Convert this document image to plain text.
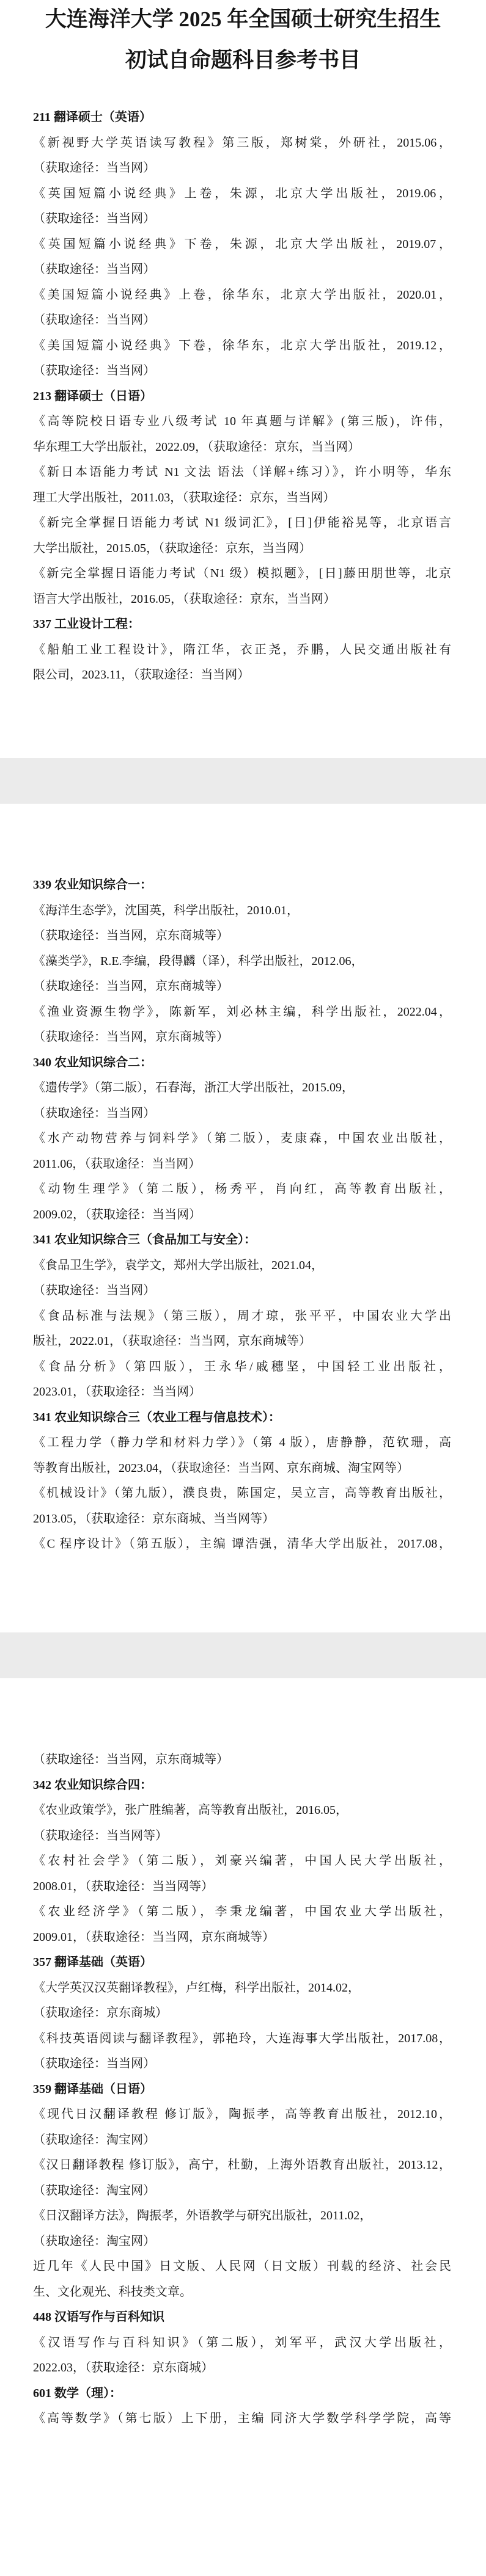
大连海洋大学 2025 年全国硕士研究生招生
初试自命题科目参考书目
211 翻译硕士（英语）
《新视野大学英语读写教程》第三版，郑树棠，外研社，2015.06，
（获取途径：当当网）
《英国短篇小说经典》上卷，朱源，北京大学出版社，2019.06，
（获取途径：当当网）
《英国短篇小说经典》下卷，朱源，北京大学出版社，2019.07，
（获取途径：当当网）
《美国短篇小说经典》上卷，徐华东，北京大学出版社，2020.01，
（获取途径：当当网）
《美国短篇小说经典》下卷，徐华东，北京大学出版社，2019.12，
（获取途径：当当网）
213 翻译硕士（日语）
《高等院校日语专业八级考试 10 年真题与详解》(第三版)，许伟，
华东理工大学出版社，2022.09，（获取途径：京东，当当网）
《新日本语能力考试 N1 文法 语法（详解+练习）》，许小明等，华东
理工大学出版社，2011.03，（获取途径：京东，当当网）
《新完全掌握日语能力考试 N1 级词汇》，[日]伊能裕晃等，北京语言
大学出版社，2015.05，（获取途径：京东，当当网）
《新完全掌握日语能力考试（N1 级）模拟题》，[日]藤田朋世等，北京
语言大学出版社，2016.05，（获取途径：京东，当当网）
337 工业设计工程：
《船舶工业工程设计》，隋江华，衣正尧，乔鹏，人民交通出版社有
限公司，2023.11，（获取途径：当当网）
339 农业知识综合一：
《海洋生态学》，沈国英，科学出版社，2010.01，
（获取途径：当当网，京东商城等）
《藻类学》，R.E.李编，段得麟（译），科学出版社，2012.06，
（获取途径：当当网，京东商城等）
《渔业资源生物学》，陈新军，刘必林主编，科学出版社，2022.04，
（获取途径：当当网，京东商城等）
340 农业知识综合二：
《遗传学》（第二版），石春海，浙江大学出版社，2015.09，
（获取途径：当当网）
《水产动物营养与饲料学》（第二版），麦康森，中国农业出版社，
2011.06，（获取途径：当当网）
《动物生理学》（第二版），杨秀平，肖向红，高等教育出版社，
2009.02，（获取途径：当当网）
341 农业知识综合三（食品加工与安全）：
《食品卫生学》，袁学文，郑州大学出版社，2021.04，
（获取途径：当当网）
《食品标准与法规》（第三版），周才琼，张平平，中国农业大学出
版社，2022.01，（获取途径：当当网，京东商城等）
《食品分析》（第四版），王永华/戚穗坚，中国轻工业出版社，
2023.01，（获取途径：当当网）
341 农业知识综合三（农业工程与信息技术）：
《工程力学（静力学和材料力学）》（第 4 版），唐静静，范钦珊，高
等教育出版社，2023.04，（获取途径：当当网、京东商城、淘宝网等）
《机械设计》（第九版），濮良贵，陈国定，吴立言，高等教育出版社，
2013.05，（获取途径：京东商城、当当网等）
《C 程序设计》（第五版），主编 谭浩强，清华大学出版社，2017.08，
（获取途径：当当网，京东商城等）
342 农业知识综合四：
《农业政策学》，张广胜编著，高等教育出版社，2016.05，
（获取途径：当当网等）
《农村社会学》（第二版），刘豪兴编著，中国人民大学出版社，
2008.01，（获取途径：当当网等）
《农业经济学》（第二版），李秉龙编著，中国农业大学出版社，
2009.01，（获取途径：当当网，京东商城等）
357 翻译基础（英语）
《大学英汉汉英翻译教程》，卢红梅，科学出版社，2014.02，
（获取途径：京东商城）
《科技英语阅读与翻译教程》，郭艳玲，大连海事大学出版社，2017.08，
（获取途径：当当网）
359 翻译基础（日语）
《现代日汉翻译教程 修订版》，陶振孝，高等教育出版社，2012.10，
（获取途径：淘宝网）
《汉日翻译教程 修订版》，高宁，杜勤，上海外语教育出版社，2013.12，
（获取途径：淘宝网）
《日汉翻译方法》，陶振孝，外语教学与研究出版社，2011.02，
（获取途径：淘宝网）
近几年《人民中国》日文版、人民网（日文版）刊载的经济、社会民
生、文化观光、科技类文章。
448 汉语写作与百科知识
《汉语写作与百科知识》（第二版），刘军平，武汉大学出版社，
2022.03，（获取途径：京东商城）
601 数学（理）：
《高等数学》（第七版）上下册，主编 同济大学数学科学学院，高等
